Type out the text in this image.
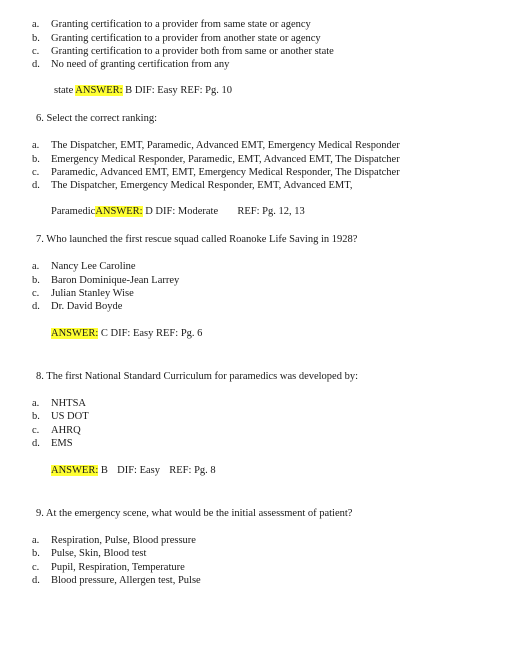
a. Granting certification to a provider from same state or agency
b. Granting certification to a provider from another state or agency
c. Granting certification to a provider both from same or another state
d. No need of granting certification from any
state ANSWER: B DIF: Easy REF: Pg. 10
6. Select the correct ranking:
a. The Dispatcher, EMT, Paramedic, Advanced EMT, Emergency Medical Responder
b. Emergency Medical Responder, Paramedic, EMT, Advanced EMT, The Dispatcher
c. Paramedic, Advanced EMT, EMT, Emergency Medical Responder, The Dispatcher
d. The Dispatcher, Emergency Medical Responder, EMT, Advanced EMT,
ParamedicANSWER: D DIF: Moderate REF: Pg. 12, 13
7. Who launched the first rescue squad called Roanoke Life Saving in 1928?
a. Nancy Lee Caroline
b. Baron Dominique-Jean Larrey
c. Julian Stanley Wise
d. Dr. David Boyde
ANSWER: C DIF: Easy REF: Pg. 6
8. The first National Standard Curriculum for paramedics was developed by:
a. NHTSA
b. US DOT
c. AHRQ
d. EMS
ANSWER: B DIF: Easy REF: Pg. 8
9. At the emergency scene, what would be the initial assessment of patient?
a. Respiration, Pulse, Blood pressure
b. Pulse, Skin, Blood test
c. Pupil, Respiration, Temperature
d. Blood pressure, Allergen test, Pulse
